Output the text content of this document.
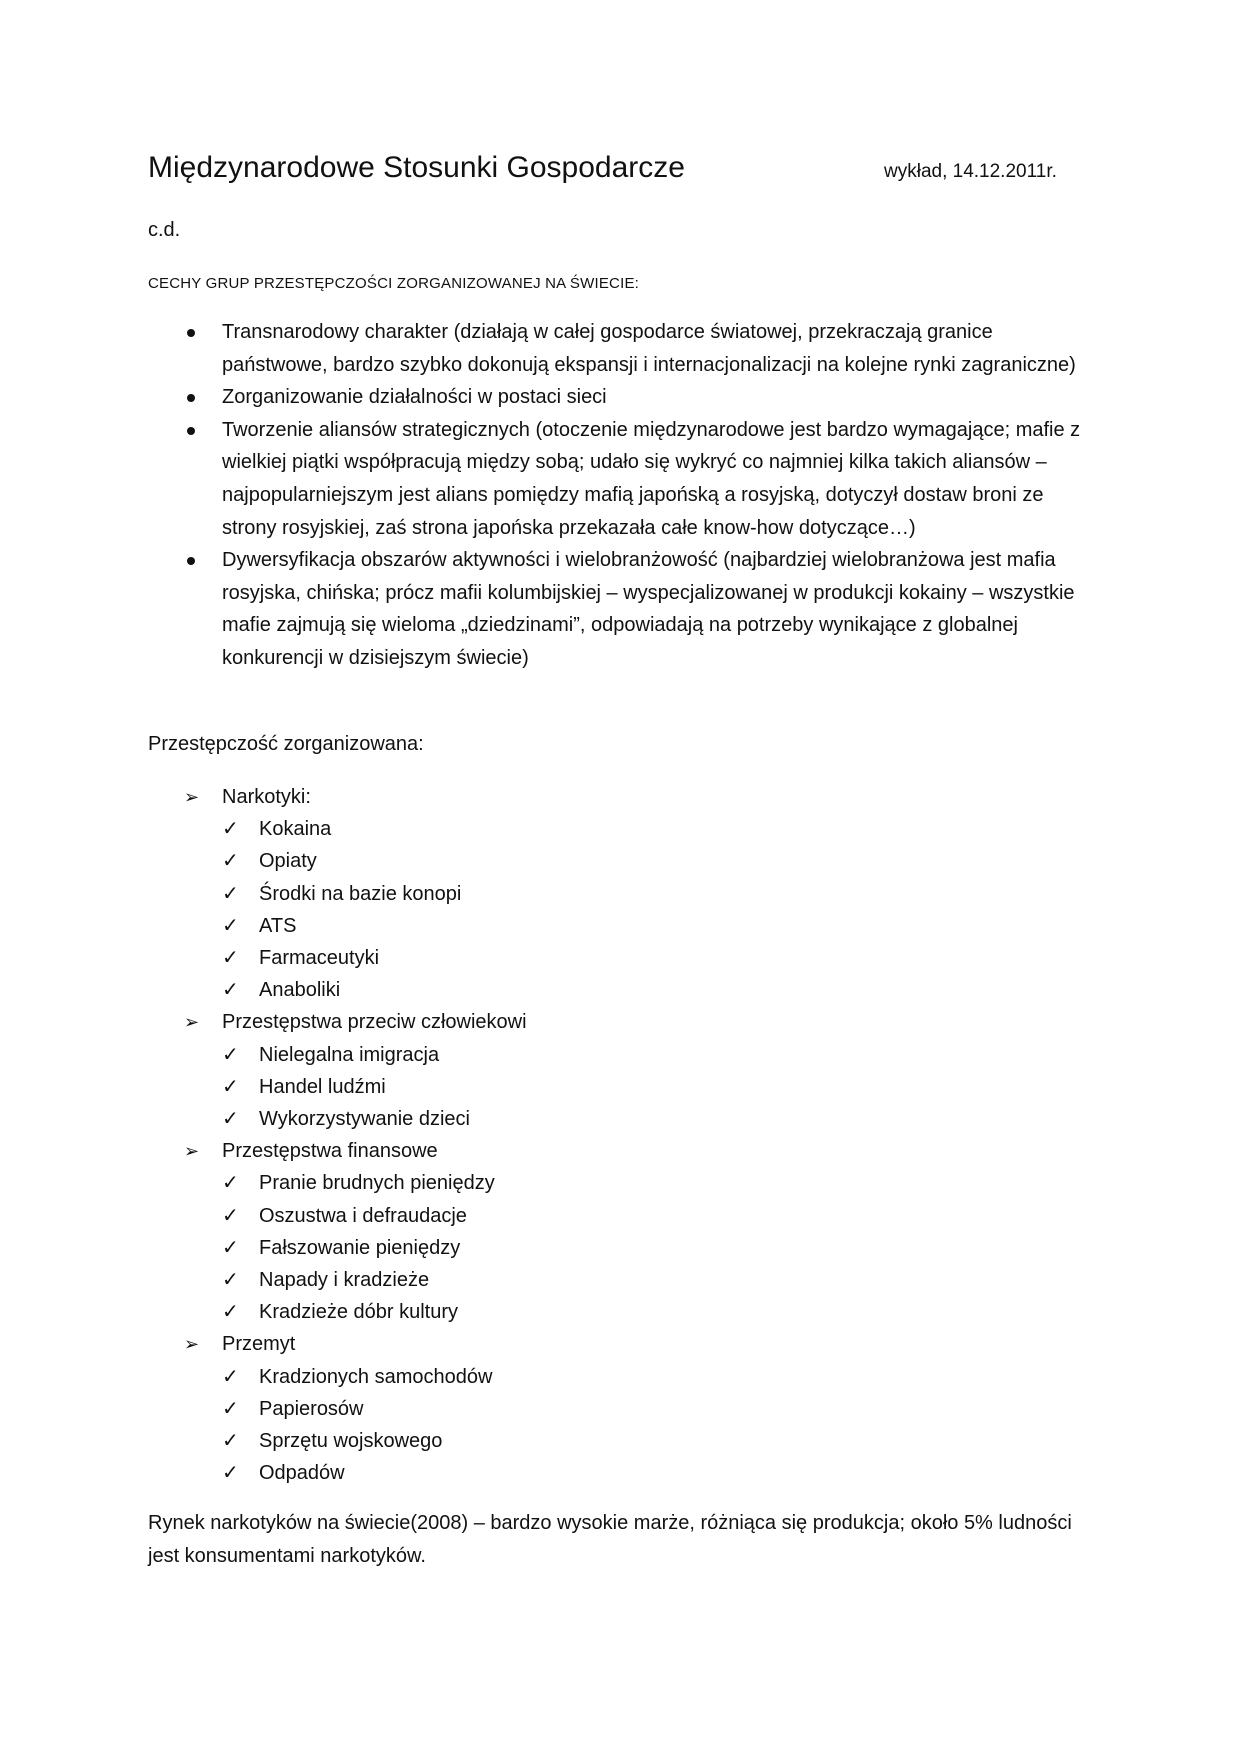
Międzynarodowe Stosunki Gospodarcze	wykład, 14.12.2011r.
c.d.
CECHY GRUP PRZESTĘPCZOŚCI ZORGANIZOWANEJ NA ŚWIECIE:
Transnarodowy charakter (działają w całej gospodarce światowej, przekraczają granice państwowe, bardzo szybko dokonują ekspansji i internacjonalizacji na kolejne rynki zagraniczne)
Zorganizowanie działalności w postaci sieci
Tworzenie aliansów strategicznych (otoczenie międzynarodowe jest bardzo wymagające; mafie z wielkiej piątki współpracują między sobą; udało się wykryć co najmniej kilka takich aliansów – najpopularniejszym jest alians pomiędzy mafią japońską a rosyjską, dotyczył dostaw broni ze strony rosyjskiej, zaś strona japońska przekazała całe know-how dotyczące…)
Dywersyfikacja obszarów aktywności i wielobranżowość (najbardziej wielobranżowa jest mafia rosyjska, chińska; prócz mafii kolumbijskiej – wyspecjalizowanej w produkcji kokainy – wszystkie mafie zajmują się wieloma „dziedzinami”, odpowiadają na potrzeby wynikające z globalnej konkurencji w dzisiejszym świecie)
Przestępczość zorganizowana:
➢ Narkotyki:
✓ Kokaina
✓ Opiaty
✓ Środki na bazie konopi
✓ ATS
✓ Farmaceutyki
✓ Anaboliki
➢ Przestępstwa przeciw człowiekowi
✓ Nielegalna imigracja
✓ Handel ludźmi
✓ Wykorzystywanie dzieci
➢ Przestępstwa finansowe
✓ Pranie brudnych pieniędzy
✓ Oszustwa i defraudacje
✓ Fałszowanie pieniędzy
✓ Napady i kradzieże
✓ Kradzieże dóbr kultury
➢ Przemyt
✓ Kradzionych samochodów
✓ Papierosów
✓ Sprzętu wojskowego
✓ Odpadów
Rynek narkotyków na świecie(2008) – bardzo wysokie marże, różniąca się produkcja; około 5% ludności jest konsumentami narkotyków.
